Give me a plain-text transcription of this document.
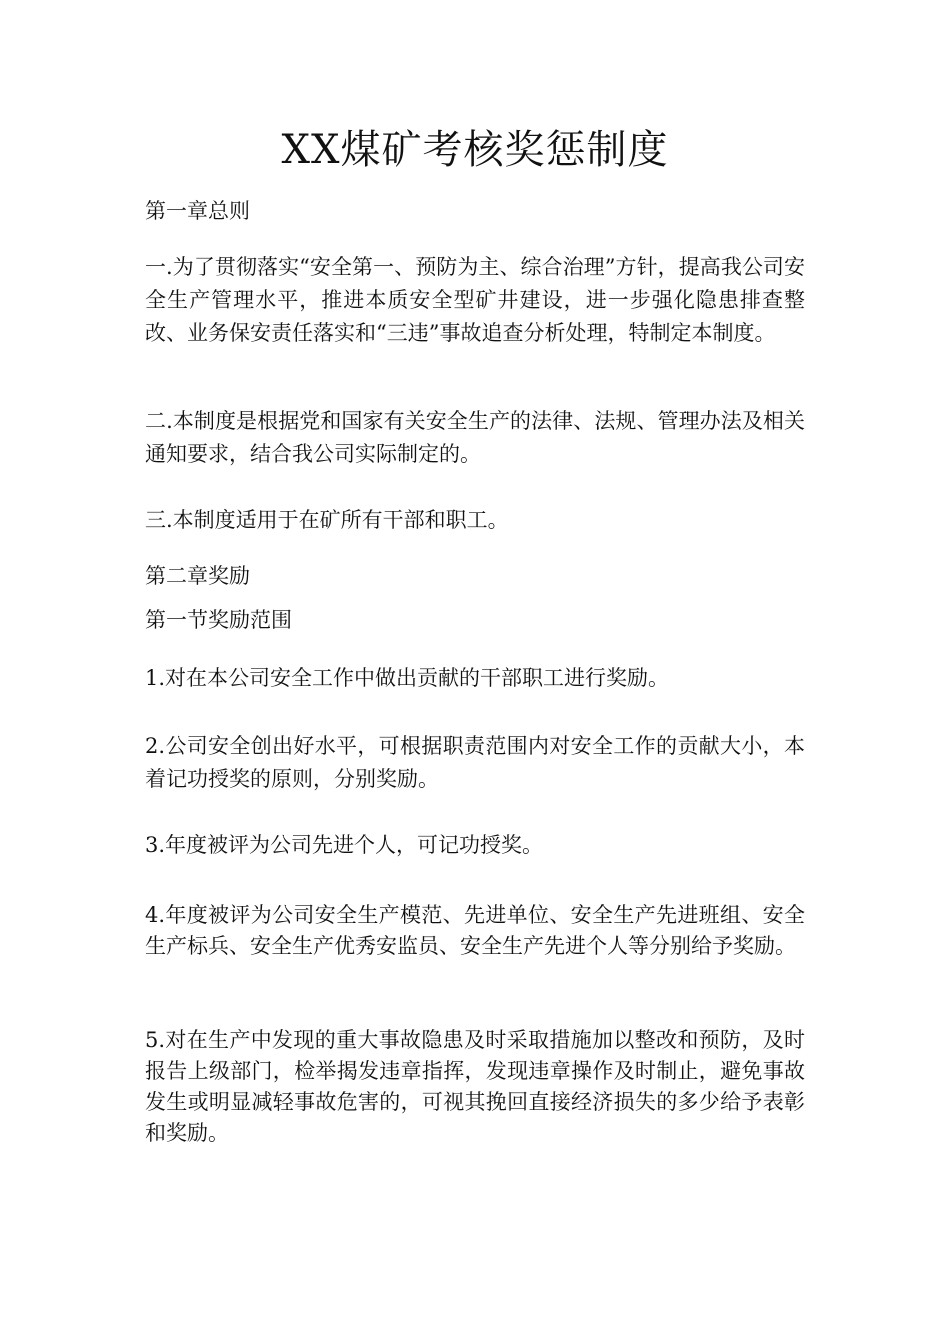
XX煤矿考核奖惩制度

第一章总则

一.为了贯彻落实“安全第一、预防为主、综合治理”方针，提高我公司安全生产管理水平，推进本质安全型矿井建设，进一步强化隐患排查整改、业务保安责任落实和“三违”事故追查分析处理，特制定本制度。

二.本制度是根据党和国家有关安全生产的法律、法规、管理办法及相关通知要求，结合我公司实际制定的。

三.本制度适用于在矿所有干部和职工。

第二章奖励

第一节奖励范围

1.对在本公司安全工作中做出贡献的干部职工进行奖励。

2.公司安全创出好水平，可根据职责范围内对安全工作的贡献大小，本着记功授奖的原则，分别奖励。

3.年度被评为公司先进个人，可记功授奖。

4.年度被评为公司安全生产模范、先进单位、安全生产先进班组、安全生产标兵、安全生产优秀安监员、安全生产先进个人等分别给予奖励。

5.对在生产中发现的重大事故隐患及时采取措施加以整改和预防，及时报告上级部门，检举揭发违章指挥，发现违章操作及时制止，避免事故发生或明显减轻事故危害的，可视其挽回直接经济损失的多少给予表彰和奖励。
